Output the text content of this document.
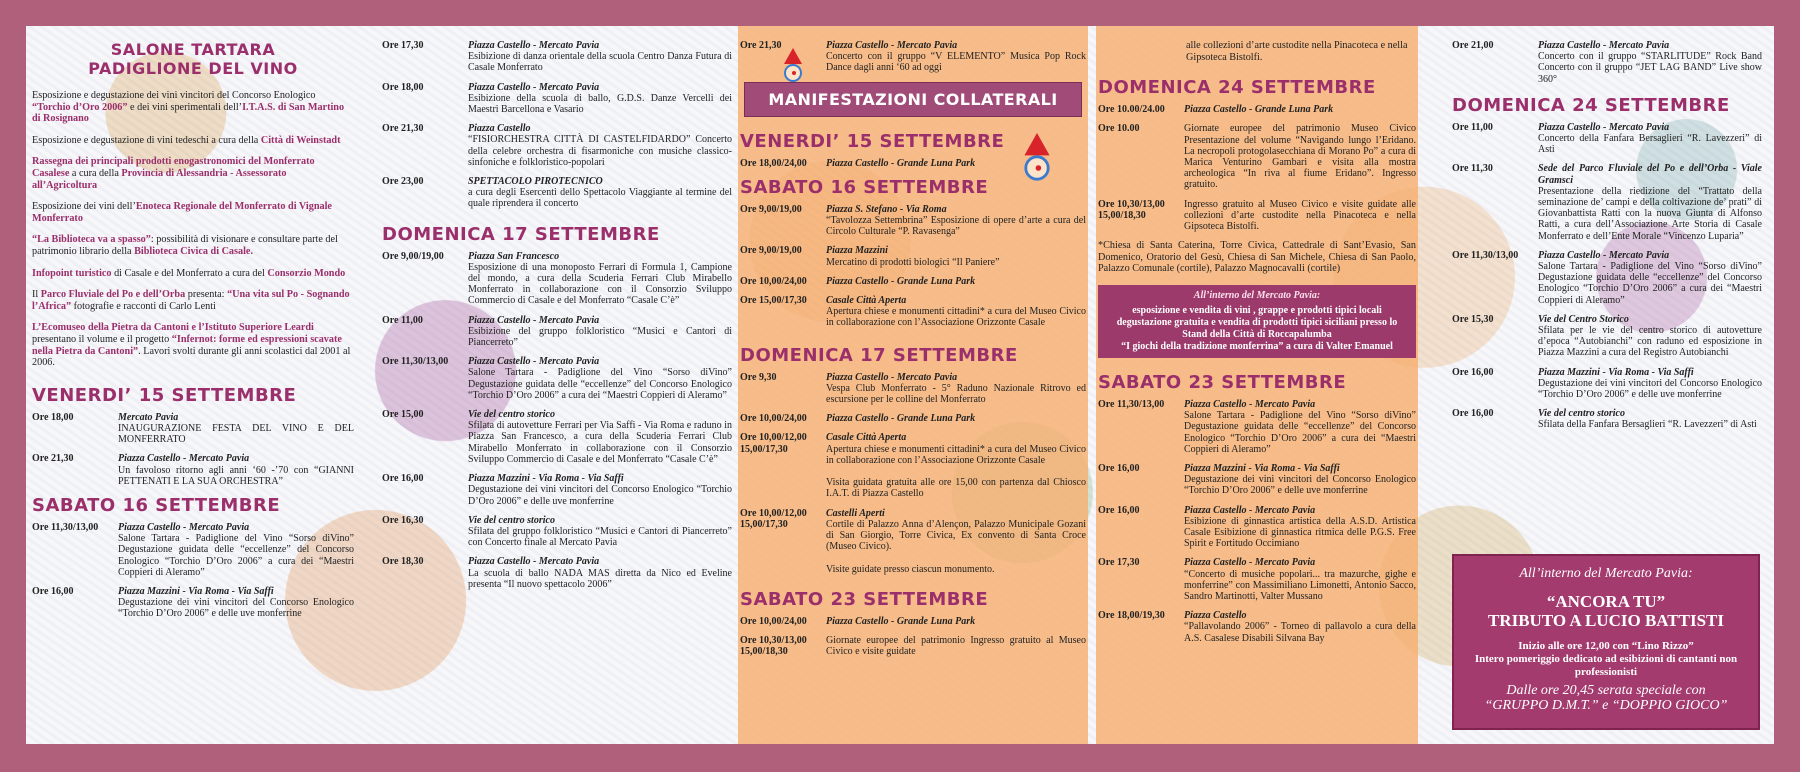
SALONE TARTARA
PADIGLIONE DEL VINO
Esposizione e degustazione dei vini vincitori del Concorso Enologico “Torchio d’Oro 2006” e dei vini sperimentali dell’I.T.A.S. di San Martino di Rosignano
Esposizione e degustazione di vini tedeschi a cura della Città di Weinstadt
Rassegna dei principali prodotti enogastronomici del Monferrato Casalese a cura della Provincia di Alessandria - Assessorato all’Agricoltura
Esposizione dei vini dell’Enoteca Regionale del Monferrato di Vignale Monferrato
“La Biblioteca va a spasso”: possibilità di visionare e consultare parte del patrimonio librario della Biblioteca Civica di Casale.
Infopoint turistico di Casale e del Monferrato a cura del Consorzio Mondo
Il Parco Fluviale del Po e dell’Orba presenta: “Una vita sul Po - Sognando l’Africa” fotografie e racconti di Carlo Lenti
L’Ecomuseo della Pietra da Cantoni e l’Istituto Superiore Leardi presentano il volume e il progetto “Infernot: forme ed espressioni scavate nella Pietra da Cantoni”. Lavori svolti durante gli anni scolastici dal 2001 al 2006.
VENERDI’ 15 SETTEMBRE
Ore 18,00	Mercato Pavia
INAUGURAZIONE FESTA DEL VINO E DEL MONFERRATO
Ore 21,30	Piazza Castello - Mercato Pavia
Un favoloso ritorno agli anni ‘60 -’70 con “GIANNI PETTENATI E LA SUA ORCHESTRA”
SABATO 16 SETTEMBRE
Ore 11,30/13,00	Piazza Castello - Mercato Pavia
Salone Tartara - Padiglione del Vino “Sorso diVino” Degustazione guidata delle “eccellenze” del Concorso Enologico “Torchio D’Oro 2006” a cura dei “Maestri Coppieri di Aleramo”
Ore 16,00	Piazza Mazzini - Via Roma - Via Saffi
Degustazione dei vini vincitori del Concorso Enologico “Torchio D’Oro 2006” e delle uve monferrine
Ore 17,30	Piazza Castello - Mercato Pavia
Esibizione di danza orientale della scuola Centro Danza Futura di Casale Monferrato
Ore 18,00	Piazza Castello - Mercato Pavia
Esibizione della scuola di ballo, G.D.S. Danze Vercelli dei Maestri Barcellona e Vasario
Ore 21,30	Piazza Castello
“FISIORCHESTRA CITTÀ DI CASTELFIDARDO” Concerto della celebre orchestra di fisarmoniche con musiche classico-sinfoniche e folkloristico-popolari
Ore 23,00	SPETTACOLO PIROTECNICO
a cura degli Esercenti dello Spettacolo Viaggiante al termine del quale riprendera il concerto
DOMENICA 17 SETTEMBRE
Ore 9,00/19,00	Piazza San Francesco
Esposizione di una monoposto Ferrari di Formula 1, Campione del mondo, a cura della Scuderia Ferrari Club Mirabello Monferrato in collaborazione con il Consorzio Sviluppo Commercio di Casale e del Monferrato “Casale C’è”
Ore 11,00	Piazza Castello - Mercato Pavia
Esibizione del gruppo folkloristico “Musici e Cantori di Piancerreto”
Ore 11,30/13,00	Piazza Castello - Mercato Pavia
Salone Tartara - Padiglione del Vino “Sorso diVino” Degustazione guidata delle “eccellenze” del Concorso Enologico “Torchio D’Oro 2006” a cura dei “Maestri Coppieri di Aleramo”
Ore 15,00	Vie del centro storico
Sfilata di autovetture Ferrari per Via Saffi - Via Roma e raduno in Piazza San Francesco, a cura della Scuderia Ferrari Club Mirabello Monferrato in collaborazione con il Consorzio Sviluppo Commercio di Casale e del Monferrato “Casale C’è”
Ore 16,00	Piazza Mazzini - Via Roma - Via Saffi
Degustazione dei vini vincitori del Concorso Enologico “Torchio D’Oro 2006” e delle uve monferrine
Ore 16,30	Vie del centro storico
Sfilata del gruppo folkloristico “Musici e Cantori di Piancerreto” con Concerto finale al Mercato Pavia
Ore 18,30	Piazza Castello - Mercato Pavia
La scuola di ballo NADA MAS diretta da Nico ed Eveline presenta “Il nuovo spettacolo 2006”
Ore 21,30	Piazza Castello - Mercato Pavia
Concerto con il gruppo “V ELEMENTO” Musica Pop Rock Dance dagli anni ‘60 ad oggi
MANIFESTAZIONI COLLATERALI
VENERDI’ 15 SETTEMBRE
Ore 18,00/24,00	Piazza Castello - Grande Luna Park
SABATO 16 SETTEMBRE
Ore 9,00/19,00	Piazza S. Stefano - Via Roma
“Tavolozza Settembrina” Esposizione di opere d’arte a cura del Circolo Culturale “P. Ravasenga”
Ore 9,00/19,00	Piazza Mazzini
Mercatino di prodotti biologici “Il Paniere”
Ore 10,00/24,00	Piazza Castello - Grande Luna Park
Ore 15,00/17,30	Casale Città Aperta
Apertura chiese e monumenti cittadini* a cura del Museo Civico in collaborazione con l’Associazione Orizzonte Casale
DOMENICA 17 SETTEMBRE
Ore 9,30	Piazza Castello - Mercato Pavia
Vespa Club Monferrato - 5° Raduno Nazionale Ritrovo ed escursione per le colline del Monferrato
Ore 10,00/24,00	Piazza Castello - Grande Luna Park
Ore 10,00/12,00
15,00/17,30
Casale Città Aperta
Apertura chiese e monumenti cittadini* a cura del Museo Civico in collaborazione con l’Associazione Orizzonte Casale

Visita guidata gratuita alle ore 15,00 con partenza dal Chiosco I.A.T. di Piazza Castello
Ore 10,00/12,00
15,00/17,30
Castelli Aperti
Cortile di Palazzo Anna d’Alençon, Palazzo Municipale Gozani di San Giorgio, Torre Civica, Ex convento di Santa Croce (Museo Civico).

Visite guidate presso ciascun monumento.
SABATO 23 SETTEMBRE
Ore 10,00/24,00	Piazza Castello - Grande Luna Park
Ore 10,30/13,00
15,00/18,30
Giornate europee del patrimonio Ingresso gratuito al Museo Civico e visite guidate
alle collezioni d’arte custodite nella Pinacoteca e nella Gipsoteca Bistolfi.
DOMENICA 24 SETTEMBRE
Ore 10.00/24.00	Piazza Castello - Grande Luna Park
Ore 10.00	Giornate europee del patrimonio Museo Civico Presentazione del volume “Navigando lungo l’Eridano. La necropoli protogolasecchiana di Morano Po” a cura di Marica Venturino Gambari e visita alla mostra archeologica “In riva al fiume Eridano”. Ingresso gratuito.
Ore 10,30/13,00
15,00/18,30
Ingresso gratuito al Museo Civico e visite guidate alle collezioni d’arte custodite nella Pinacoteca e nella Gipsoteca Bistolfi.
*Chiesa di Santa Caterina, Torre Civica, Cattedrale di Sant’Evasio, San Domenico, Oratorio del Gesù, Chiesa di San Michele, Chiesa di San Paolo, Palazzo Comunale (cortile), Palazzo Magnocavalli (cortile)
All’interno del Mercato Pavia:
esposizione e vendita di vini , grappe e prodotti tipici locali
degustazione gratuita e vendita di prodotti tipici siciliani presso lo Stand della Città di Roccapalumba
“I giochi della tradizione monferrina” a cura di Valter Emanuel
SABATO 23 SETTEMBRE
Ore 11,30/13,00	Piazza Castello - Mercato Pavia
Salone Tartara - Padiglione del Vino “Sorso diVino” Degustazione guidata delle “eccellenze” del Concorso Enologico “Torchio D’Oro 2006” a cura dei “Maestri Coppieri di Aleramo”
Ore 16,00	Piazza Mazzini - Via Roma - Via Saffi
Degustazione dei vini vincitori del Concorso Enologico “Torchio D’Oro 2006” e delle uve monferrine
Ore 16,00	Piazza Castello - Mercato Pavia
Esibizione di ginnastica artistica della A.S.D. Artistica Casale Esibizione di ginnastica ritmica delle P.G.S. Free Spirit e Fortitudo Occimiano
Ore 17,30	Piazza Castello - Mercato Pavia
“Concerto di musiche popolari... tra mazurche, gighe e monferrine” con Massimiliano Limonetti, Antonio Sacco, Sandro Martinotti, Valter Mussano
Ore 18,00/19,30	Piazza Castello
“Pallavolando 2006” - Torneo di pallavolo a cura della A.S. Casalese Disabili Silvana Bay
Ore 21,00	Piazza Castello - Mercato Pavia
Concerto con il gruppo “STARLITUDE” Rock Band Concerto con il gruppo “JET LAG BAND” Live show 360°
DOMENICA 24 SETTEMBRE
Ore 11,00	Piazza Castello - Mercato Pavia
Concerto della Fanfara Bersaglieri “R. Lavezzeri” di Asti
Ore 11,30	Sede del Parco Fluviale del Po e dell’Orba - Viale Gramsci
Presentazione della riedizione del “Trattato della seminazione de’ campi e della coltivazione de’ prati” di Giovanbattista Ratti con la nuova Giunta di Alfonso Ratti, a cura dell’Associazione Arte Storia di Casale Monferrato e dell’Ente Morale “Vincenzo Luparia”
Ore 11,30/13,00	Piazza Castello - Mercato Pavia
Salone Tartara - Padiglione del Vino “Sorso diVino” Degustazione guidata delle “eccellenze” del Concorso Enologico “Torchio D’Oro 2006” a cura dei “Maestri Coppieri di Aleramo”
Ore 15,30	Vie del Centro Storico
Sfilata per le vie del centro storico di autovetture d’epoca “Autobianchi” con raduno ed esposizione in Piazza Mazzini a cura del Registro Autobianchi
Ore 16,00	Piazza Mazzini - Via Roma - Via Saffi
Degustazione dei vini vincitori del Concorso Enologico “Torchio D’Oro 2006” e delle uve monferrine
Ore 16,00	Vie del centro storico
Sfilata della Fanfara Bersaglieri “R. Lavezzeri” di Asti
All’interno del Mercato Pavia:
“ANCORA TU”
TRIBUTO A LUCIO BATTISTI
Inizio alle ore 12,00 con “Lino Rizzo”
Intero pomeriggio dedicato ad esibizioni di cantanti non professionisti
Dalle ore 20,45 serata speciale con
“GRUPPO D.M.T.” e “DOPPIO GIOCO”
